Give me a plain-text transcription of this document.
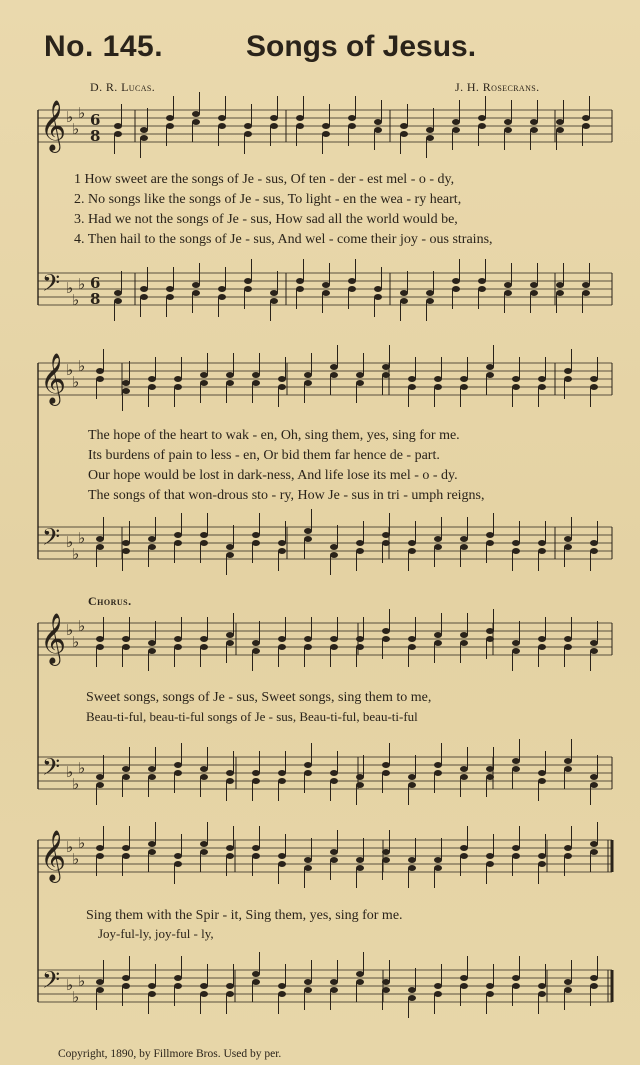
No. 145.	Songs of Jesus.
D. R. Lucas.	J. H. Rosecrans.
𝄞
𝄢
♭
♭
♭
♭
♭
♭
6
8
6
8
𝄞
𝄢
♭
♭
♭
♭
♭
♭
𝄞
𝄢
♭
♭
♭
♭
♭
♭
𝄞
𝄢
♭
♭
♭
♭
♭
♭
1 How sweet are the songs of Je - sus, Of ten - der - est mel - o - dy,
2. No songs like the songs of Je - sus, To light - en the wea - ry heart,
3. Had we not the songs of Je - sus, How sad all the world would be,
4. Then hail to the songs of Je - sus, And wel - come their joy - ous strains,
The hope of the heart to wak - en, Oh, sing them, yes, sing for me.
Its burdens of pain to less - en, Or bid them far hence de - part.
Our hope would be lost in dark-ness, And life lose its mel - o - dy.
The songs of that won-drous sto - ry, How Je - sus in tri - umph reigns,
Chorus.
Sweet songs, songs of Je - sus, Sweet songs, sing them to me,
Beau-ti-ful, beau-ti-ful songs of Je - sus, Beau-ti-ful, beau-ti-ful
Sing them with the Spir - it, Sing them, yes, sing for me.
Joy-ful-ly, joy-ful - ly,
Copyright, 1890, by Fillmore Bros. Used by per.
